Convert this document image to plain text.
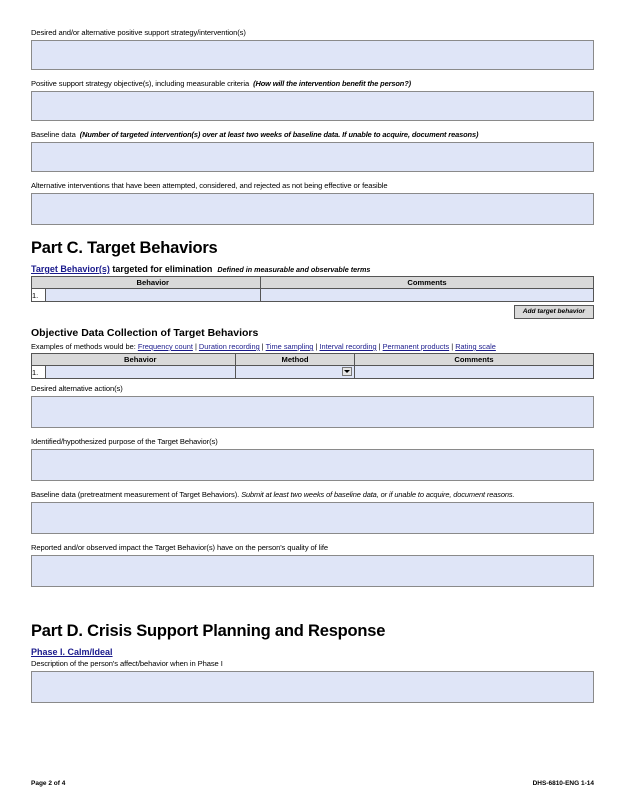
Desired and/or alternative positive support strategy/intervention(s)

Positive support strategy objective(s), including measurable criteria (How will the intervention benefit the person?)

Baseline data (Number of targeted intervention(s) over at least two weeks of baseline data. If unable to acquire, document reasons)

Alternative interventions that have been attempted, considered, and rejected as not being effective or feasible

Part C. Target Behaviors
Target Behavior(s) targeted for elimination Defined in measurable and observable terms
	Behavior	Comments
1.		
Add target behavior
Objective Data Collection of Target Behaviors
Examples of methods would be: Frequency count | Duration recording | Time sampling | Interval recording | Permanent products | Rating scale
	Behavior	Method	Comments
1.		

Desired alternative action(s)

Identified/hypothesized purpose of the Target Behavior(s)

Baseline data (pretreatment measurement of Target Behaviors). Submit at least two weeks of baseline data, or if unable to acquire, document reasons.

Reported and/or observed impact the Target Behavior(s) have on the person's quality of life

Part D. Crisis Support Planning and Response
Phase I. Calm/Ideal

Description of the person's affect/behavior when in Phase I

Page 2 of 4	DHS-6810-ENG 1-14
